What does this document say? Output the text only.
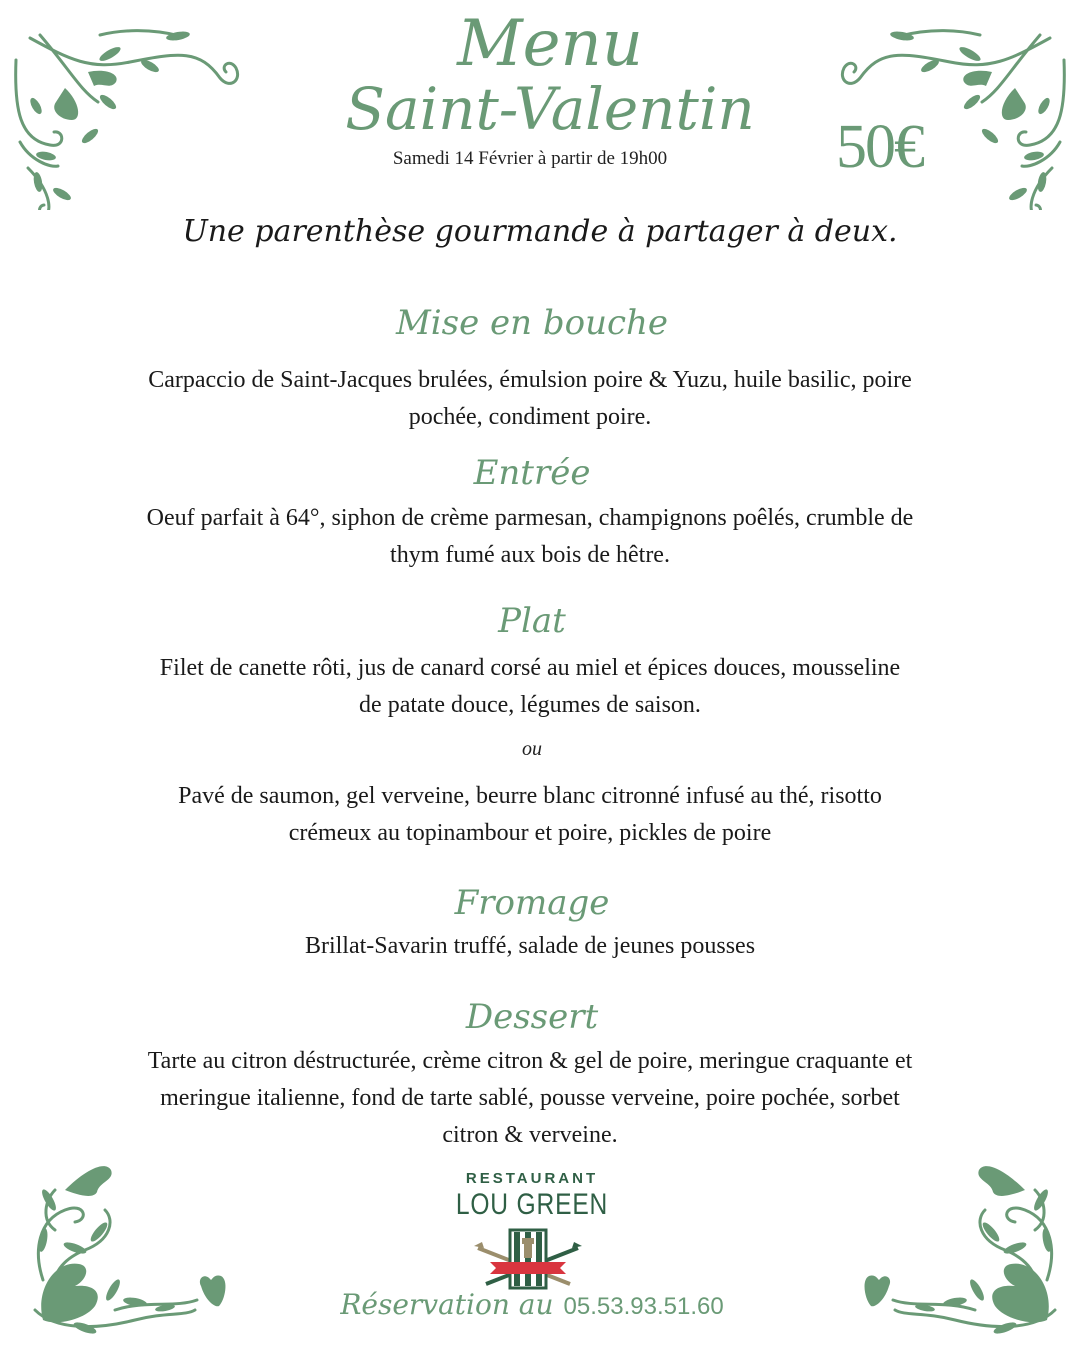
Menu
Saint-Valentin
Samedi 14 Février à partir de 19h00	50€
Une parenthèse gourmande à partager à deux.
Mise en bouche
Carpaccio de Saint-Jacques brulées, émulsion poire & Yuzu, huile basilic, poire
pochée, condiment poire.
Entrée
Oeuf parfait à 64°, siphon de crème parmesan, champignons poêlés, crumble de
thym fumé aux bois de hêtre.
Plat
Filet de canette rôti, jus de canard corsé au miel et épices douces, mousseline
de patate douce, légumes de saison.
ou
Pavé de saumon, gel verveine, beurre blanc citronné infusé au thé, risotto
crémeux au topinambour et poire, pickles de poire
Fromage
Brillat-Savarin truffé, salade de jeunes pousses
Dessert
Tarte au citron déstructurée, crème citron & gel de poire, meringue craquante et
meringue italienne, fond de tarte sablé, pousse verveine, poire pochée, sorbet
citron & verveine.
RESTAURANT
LOU GREEN
Réservation au 05.53.93.51.60
